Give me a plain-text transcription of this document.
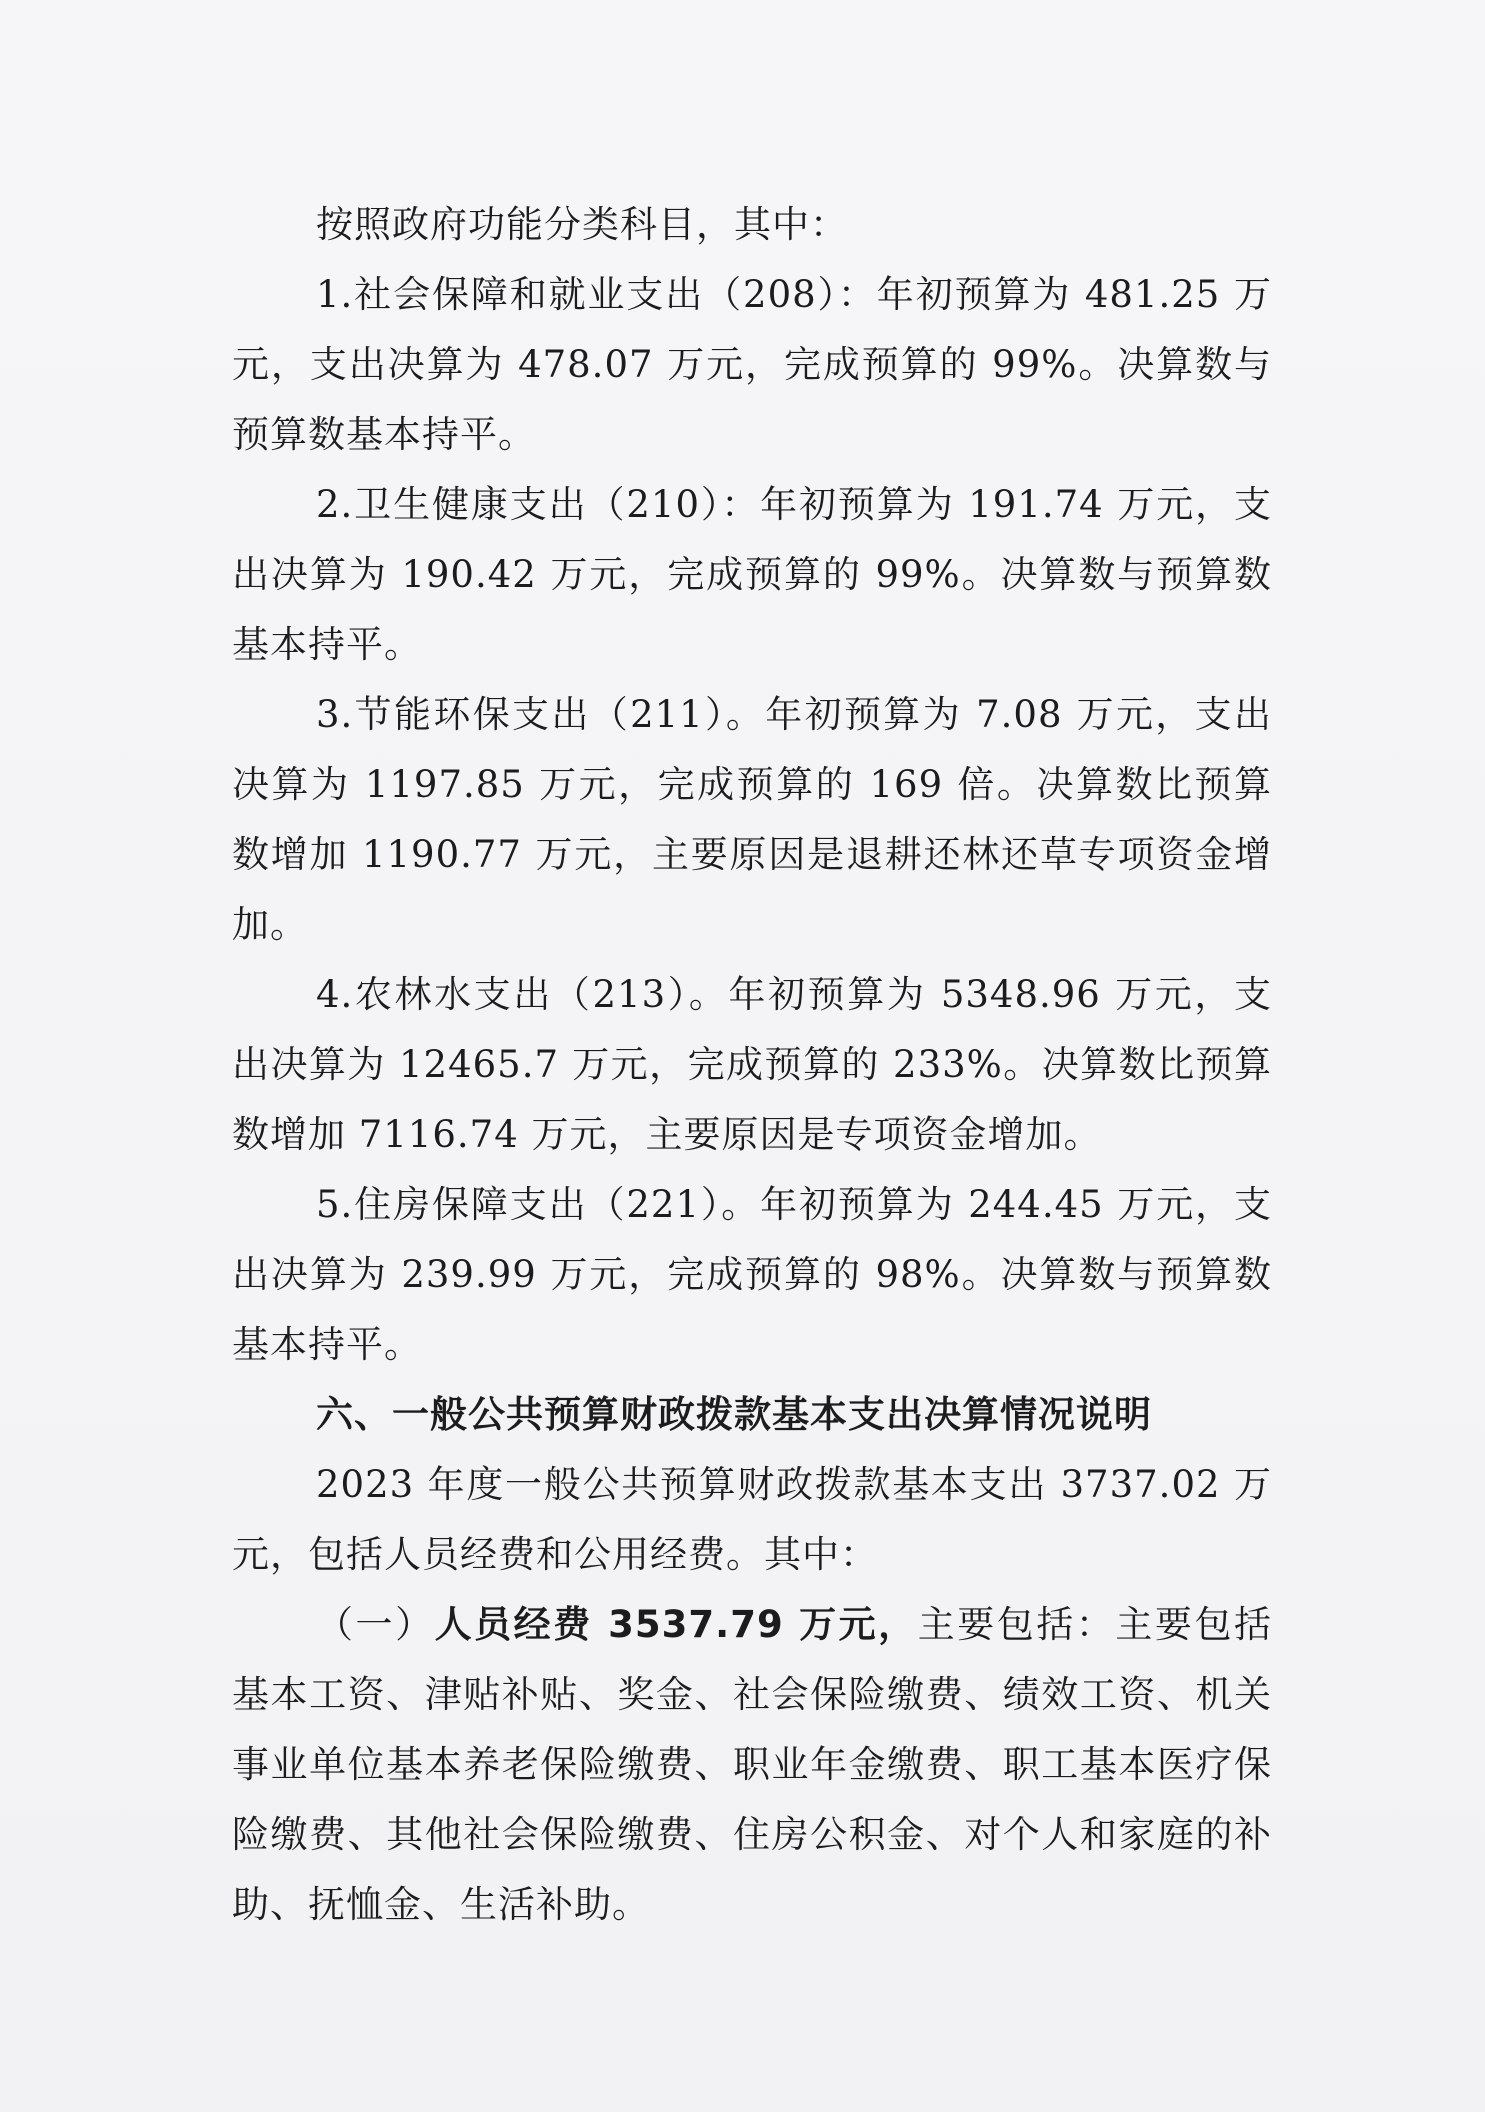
按照政府功能分类科目，其中：

1.社会保障和就业支出（208）：年初预算为 481.25 万元，支出决算为 478.07 万元，完成预算的 99%。决算数与预算数基本持平。

2.卫生健康支出（210）：年初预算为 191.74 万元，支出决算为 190.42 万元，完成预算的 99%。决算数与预算数基本持平。

3.节能环保支出（211）。年初预算为 7.08 万元，支出决算为 1197.85 万元，完成预算的 169 倍。决算数比预算数增加 1190.77 万元，主要原因是退耕还林还草专项资金增加。

4.农林水支出（213）。年初预算为 5348.96 万元，支出决算为 12465.7 万元，完成预算的 233%。决算数比预算数增加 7116.74 万元，主要原因是专项资金增加。

5.住房保障支出（221）。年初预算为 244.45 万元，支出决算为 239.99 万元，完成预算的 98%。决算数与预算数基本持平。

六、一般公共预算财政拨款基本支出决算情况说明

2023 年度一般公共预算财政拨款基本支出 3737.02 万元，包括人员经费和公用经费。其中：

（一）人员经费 3537.79 万元，主要包括：主要包括基本工资、津贴补贴、奖金、社会保险缴费、绩效工资、机关事业单位基本养老保险缴费、职业年金缴费、职工基本医疗保险缴费、其他社会保险缴费、住房公积金、对个人和家庭的补助、抚恤金、生活补助。
